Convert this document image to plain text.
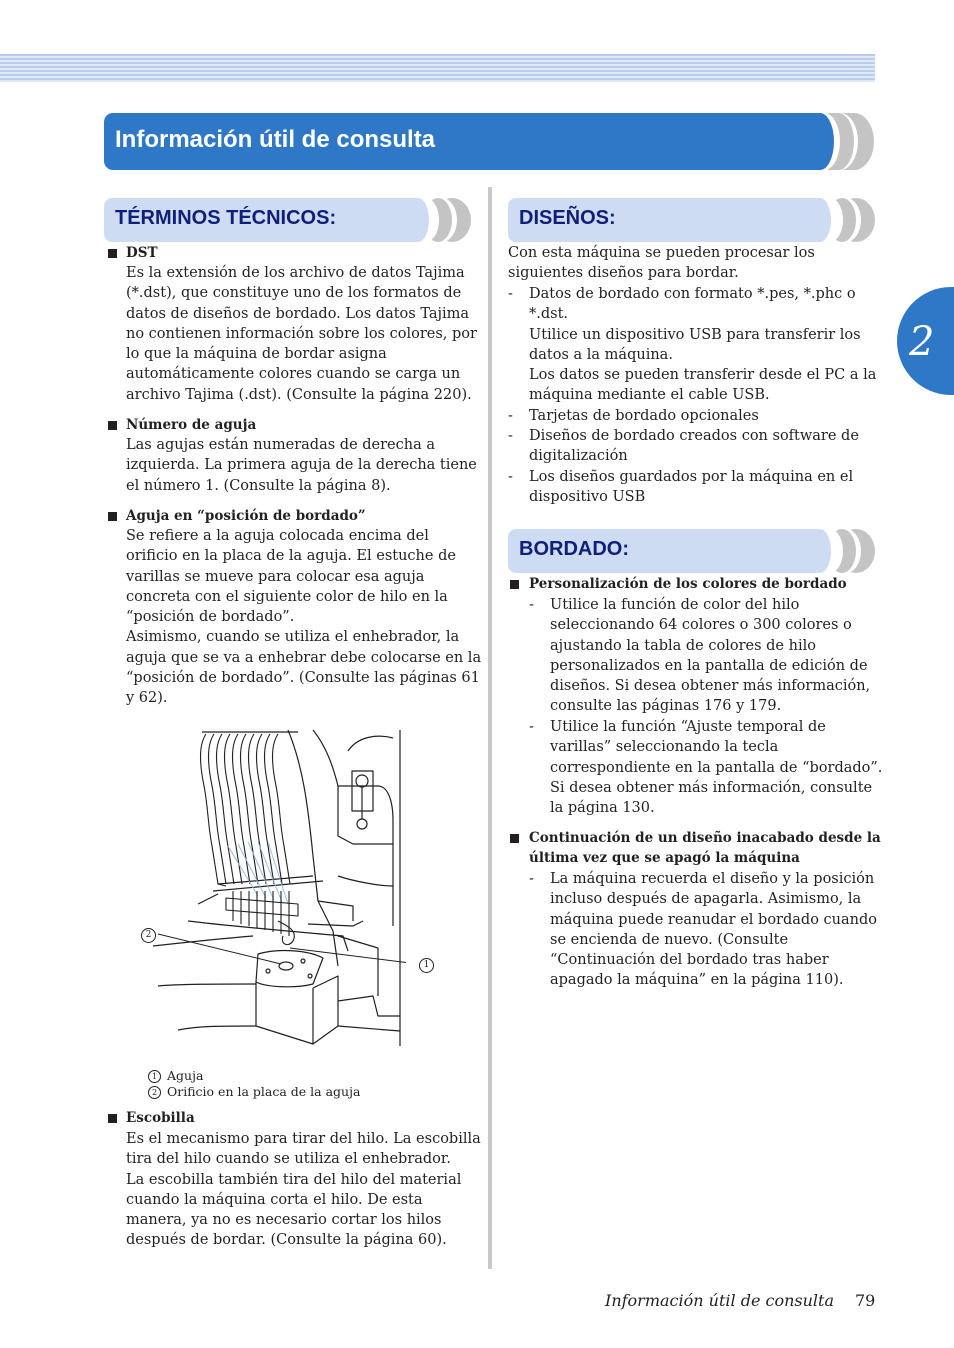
Información útil de consulta
2
TÉRMINOS TÉCNICOS:	DISEÑOS:
BORDADO:
DST
Es la extensión de los archivo de datos Tajima
(*.dst), que constituye uno de los formatos de
datos de diseños de bordado. Los datos Tajima
no contienen información sobre los colores, por
lo que la máquina de bordar asigna
automáticamente colores cuando se carga un
archivo Tajima (.dst). (Consulte la página 220).
Número de aguja
Las agujas están numeradas de derecha a
izquierda. La primera aguja de la derecha tiene
el número 1. (Consulte la página 8).
Aguja en “posición de bordado”
Se refiere a la aguja colocada encima del
orificio en la placa de la aguja. El estuche de
varillas se mueve para colocar esa aguja
concreta con el siguiente color de hilo en la
“posición de bordado”.
Asimismo, cuando se utiliza el enhebrador, la
aguja que se va a enhebrar debe colocarse en la
“posición de bordado”. (Consulte las páginas 61
y 62).
2
1
1 Aguja
2 Orificio en la placa de la aguja
Escobilla
Es el mecanismo para tirar del hilo. La escobilla
tira del hilo cuando se utiliza el enhebrador.
La escobilla también tira del hilo del material
cuando la máquina corta el hilo. De esta
manera, ya no es necesario cortar los hilos
después de bordar. (Consulte la página 60).
Con esta máquina se pueden procesar los
siguientes diseños para bordar.
- Datos de bordado con formato *.pes, *.phc o
*.dst.
Utilice un dispositivo USB para transferir los
datos a la máquina.
Los datos se pueden transferir desde el PC a la
máquina mediante el cable USB.
- Tarjetas de bordado opcionales
- Diseños de bordado creados con software de
digitalización
- Los diseños guardados por la máquina en el
dispositivo USB
Personalización de los colores de bordado
- Utilice la función de color del hilo
seleccionando 64 colores o 300 colores o
ajustando la tabla de colores de hilo
personalizados en la pantalla de edición de
diseños. Si desea obtener más información,
consulte las páginas 176 y 179.
- Utilice la función “Ajuste temporal de
varillas” seleccionando la tecla
correspondiente en la pantalla de “bordado”.
Si desea obtener más información, consulte
la página 130.
Continuación de un diseño inacabado desde la
última vez que se apagó la máquina
- La máquina recuerda el diseño y la posición
incluso después de apagarla. Asimismo, la
máquina puede reanudar el bordado cuando
se encienda de nuevo. (Consulte
“Continuación del bordado tras haber
apagado la máquina” en la página 110).
Información útil de consulta 79
